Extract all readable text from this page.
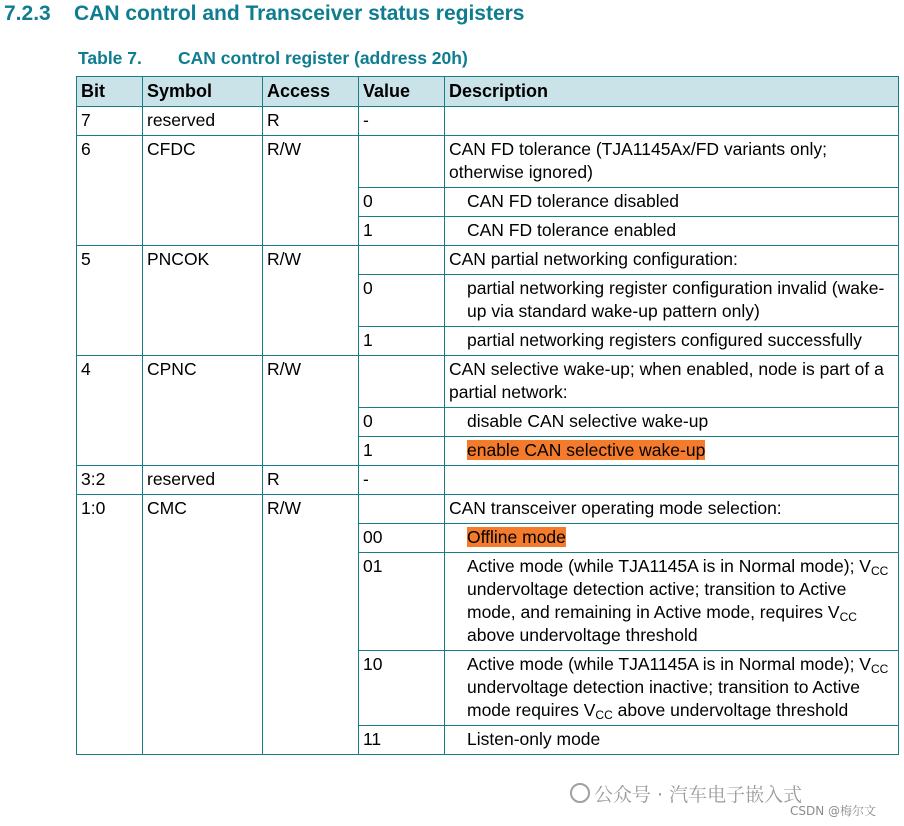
7.2.3 CAN control and Transceiver status registers
Table 7. CAN control register (address 20h)
Bit	Symbol	Access	Value	Description
7	reserved	R	-	
6	CFDC	R/W		CAN FD tolerance (TJA1145Ax/FD variants only; otherwise ignored)
			0	CAN FD tolerance disabled
			1	CAN FD tolerance enabled
5	PNCOK	R/W		CAN partial networking configuration:
			0	partial networking register configuration invalid (wake-up via standard wake-up pattern only)
			1	partial networking registers configured successfully
4	CPNC	R/W		CAN selective wake-up; when enabled, node is part of a partial network:
			0	disable CAN selective wake-up
			1	enable CAN selective wake-up
3:2	reserved	R	-	
1:0	CMC	R/W		CAN transceiver operating mode selection:
			00	Offline mode
			01	Active mode (while TJA1145A is in Normal mode); $V_{CC}$ undervoltage detection active; transition to Active mode, and remaining in Active mode, requires $V_{CC}$ above undervoltage threshold
			10	Active mode (while TJA1145A is in Normal mode); $V_{CC}$ undervoltage detection inactive; transition to Active mode requires $V_{CC}$ above undervoltage threshold
			11	Listen-only mode
公众号 · 汽车电子嵌入式
CSDN @梅尔文
